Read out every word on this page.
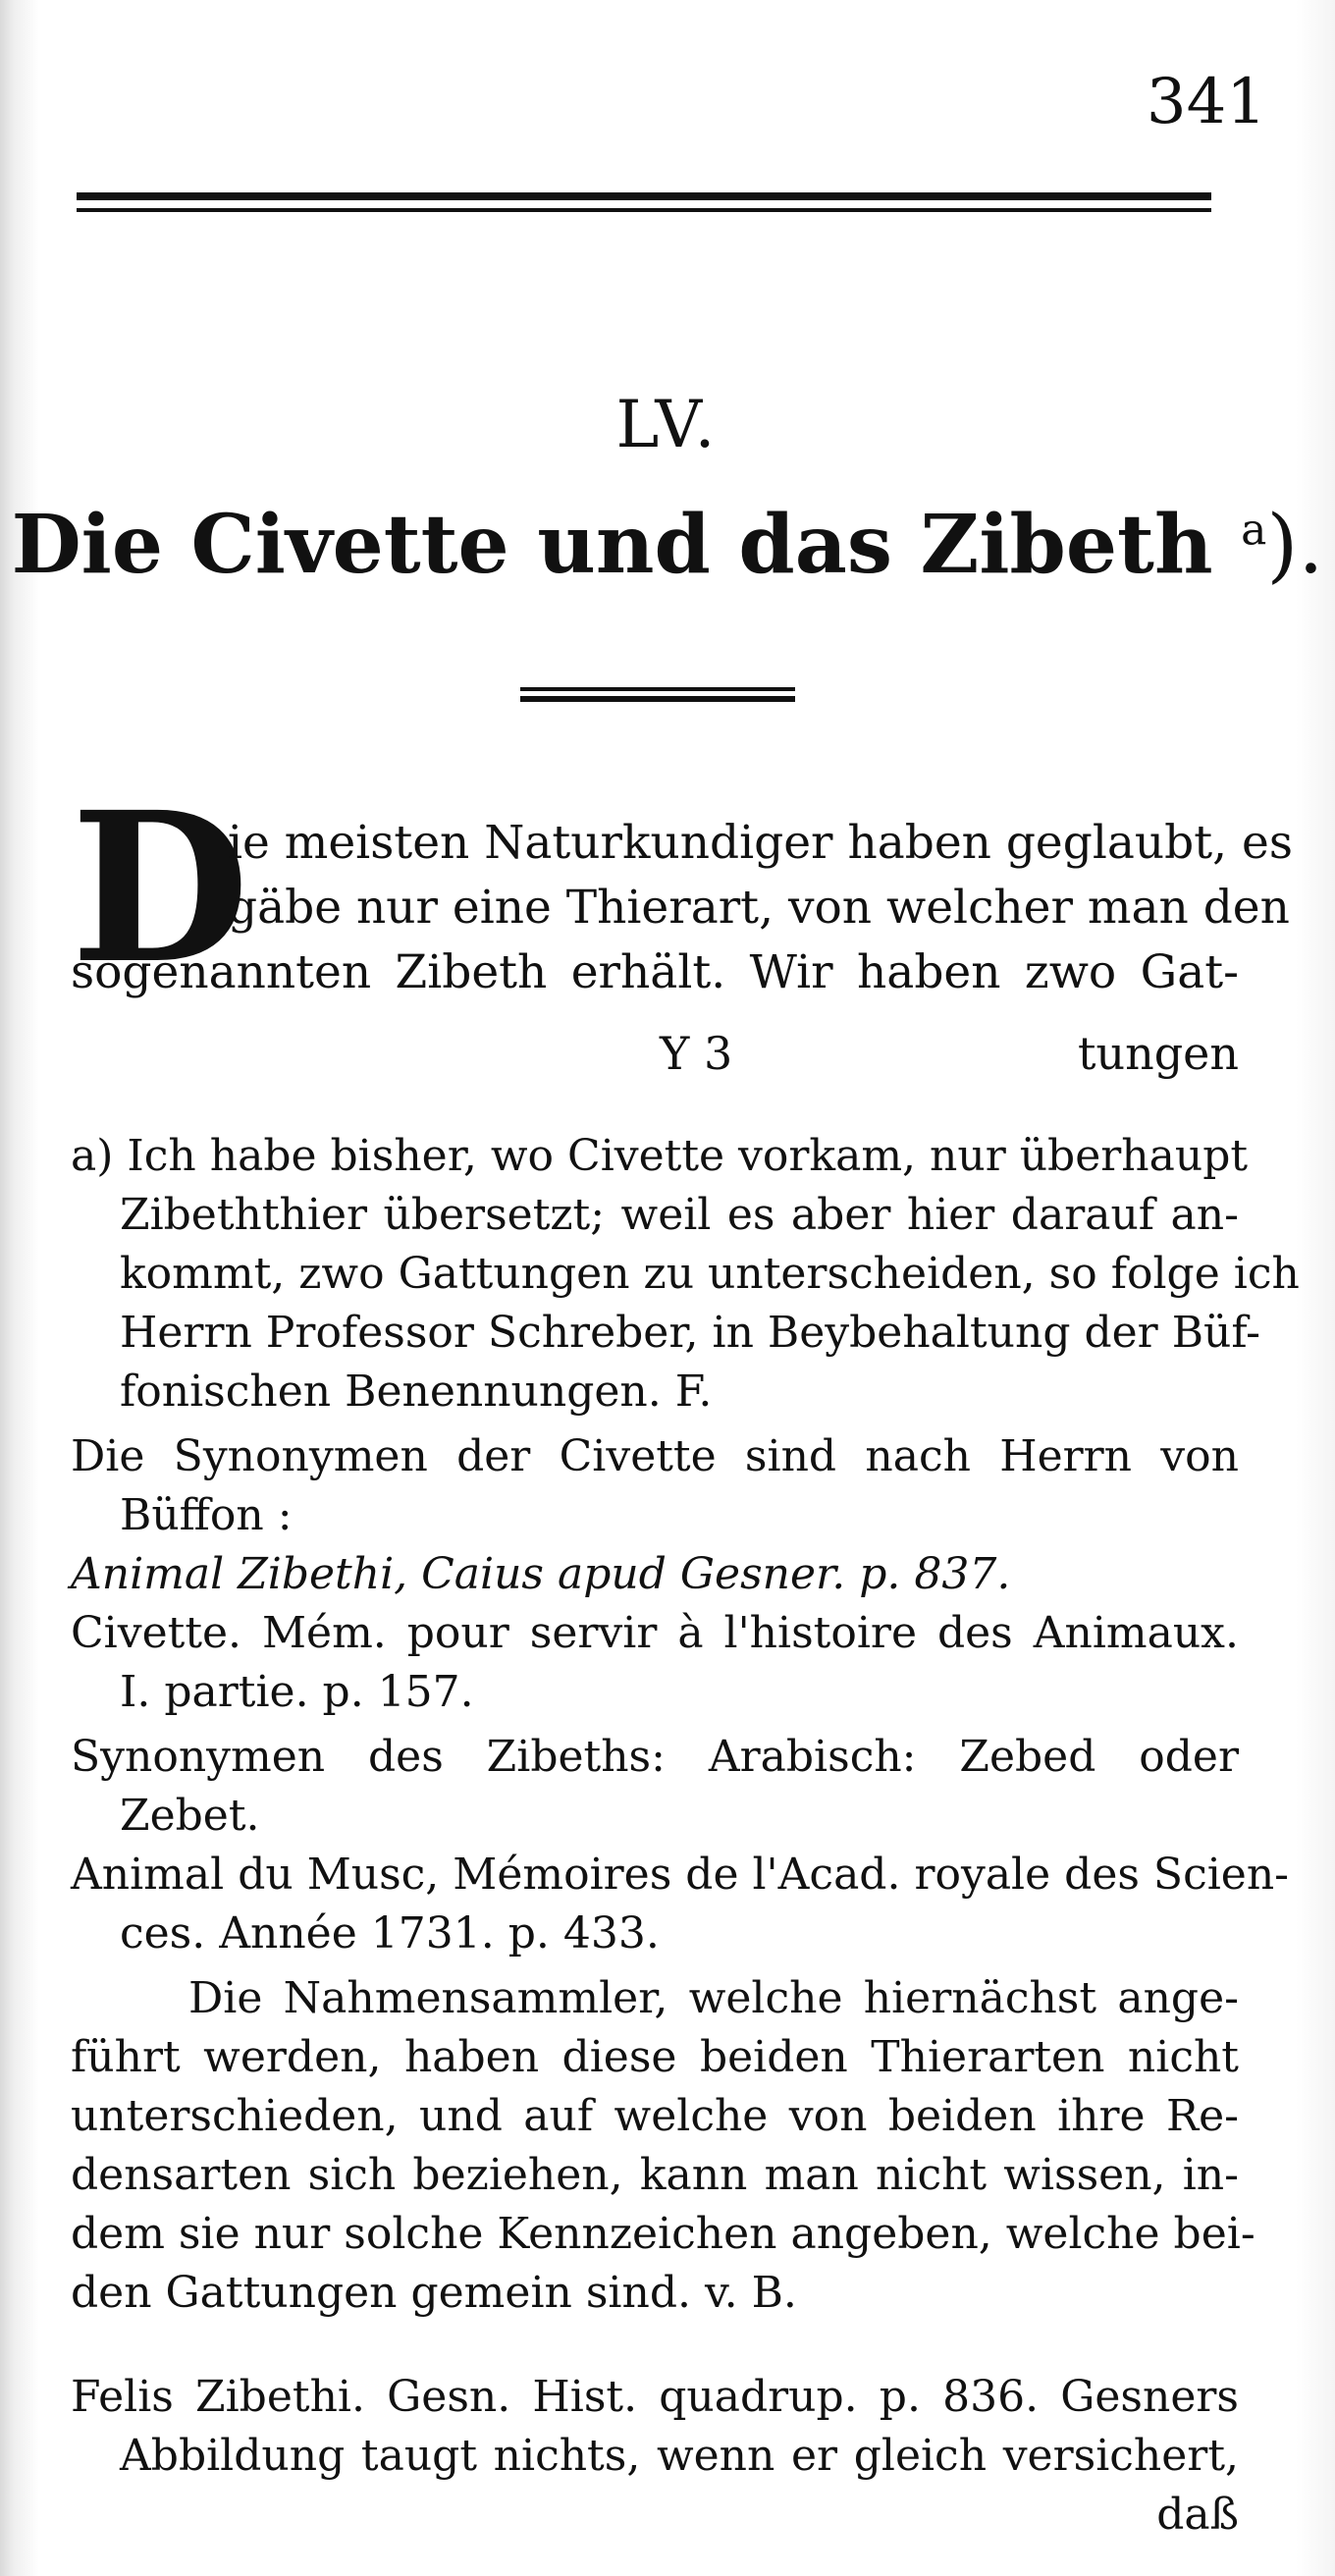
341
LV.
Die Civette und das Zibeth $^a$).
D
ie meisten Naturkundiger haben geglaubt, es
gäbe nur eine Thierart, von welcher man den
sogenannten Zibeth erhält. Wir haben zwo Gat-
Y 3	tungen
a) Ich habe bisher, wo Civette vorkam, nur überhaupt
Zibeththier übersetzt; weil es aber hier darauf an-
kommt, zwo Gattungen zu unterscheiden, so folge ich
Herrn Professor Schreber, in Beybehaltung der Büf-
fonischen Benennungen. F.
Die Synonymen der Civette sind nach Herrn von
Büffon :
Animal Zibethi, Caius apud Gesner. p. 837.
Civette. Mém. pour servir à l'histoire des Animaux.
I. partie. p. 157.
Synonymen des Zibeths: Arabisch: Zebed oder
Zebet.
Animal du Musc, Mémoires de l'Acad. royale des Scien-
ces. Année 1731. p. 433.
Die Nahmensammler, welche hiernächst ange-
führt werden, haben diese beiden Thierarten nicht
unterschieden, und auf welche von beiden ihre Re-
densarten sich beziehen, kann man nicht wissen, in-
dem sie nur solche Kennzeichen angeben, welche bei-
den Gattungen gemein sind. v. B.
Felis Zibethi. Gesn. Hist. quadrup. p. 836. Gesners
Abbildung taugt nichts, wenn er gleich versichert,
daß
